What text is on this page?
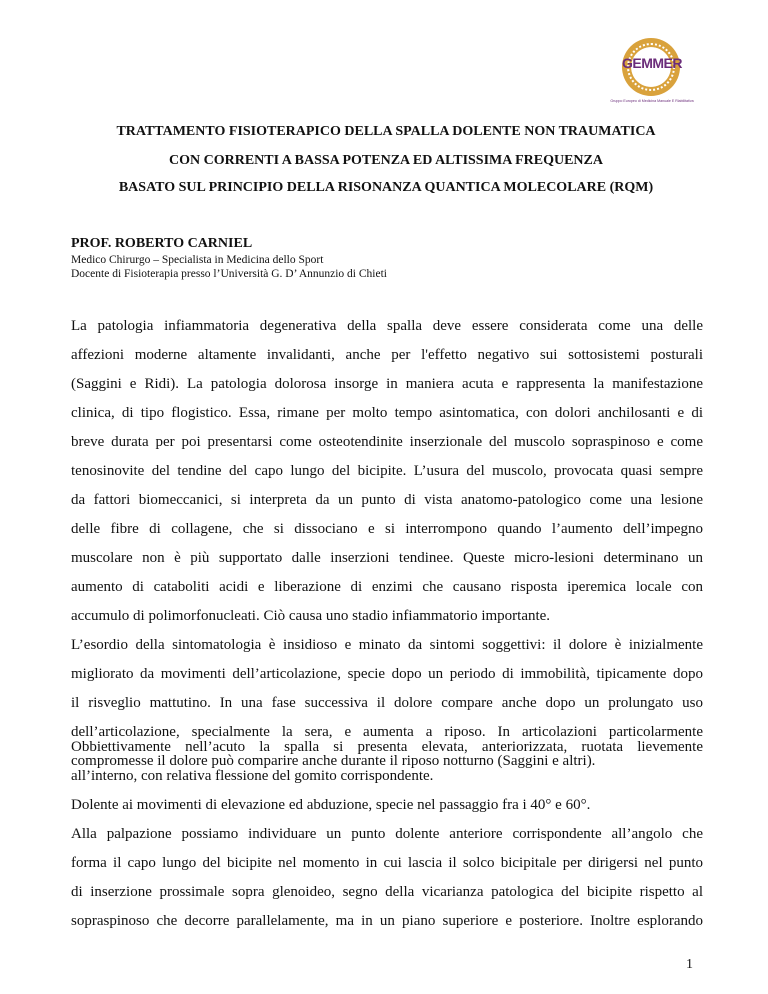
GEMMER
Gruppo Europeo di Medicina Manuale E Riabilitativa
TRATTAMENTO FISIOTERAPICO DELLA SPALLA DOLENTE NON TRAUMATICA
CON CORRENTI A BASSA POTENZA ED ALTISSIMA FREQUENZA
BASATO SUL PRINCIPIO DELLA RISONANZA QUANTICA MOLECOLARE (RQM)
PROF. ROBERTO CARNIEL
Medico Chirurgo – Specialista in Medicina dello Sport
Docente di Fisioterapia presso l’Università G. D’ Annunzio di Chieti
La patologia infiammatoria degenerativa della spalla deve essere considerata come una delle
affezioni moderne altamente invalidanti, anche per l'effetto negativo sui sottosistemi posturali
(Saggini e Ridi). La patologia dolorosa insorge in maniera acuta e rappresenta la manifestazione
clinica, di tipo flogistico. Essa, rimane per molto tempo asintomatica, con dolori anchilosanti e di
breve durata per poi presentarsi come osteotendinite inserzionale del muscolo sopraspinoso e come
tenosinovite del tendine del capo lungo del bicipite. L’usura del muscolo, provocata quasi sempre
da fattori biomeccanici, si interpreta da un punto di vista anatomo-patologico come una lesione
delle fibre di collagene, che si dissociano e si interrompono quando l’aumento dell’impegno
muscolare non è più supportato dalle inserzioni tendinee. Queste micro-lesioni determinano un
aumento di cataboliti acidi e liberazione di enzimi che causano risposta iperemica locale con
accumulo di polimorfonucleati. Ciò causa uno stadio infiammatorio importante.
L’esordio della sintomatologia è insidioso e minato da sintomi soggettivi: il dolore è inizialmente
migliorato da movimenti dell’articolazione, specie dopo un periodo di immobilità, tipicamente dopo
il risveglio mattutino. In una fase successiva il dolore compare anche dopo un prolungato uso
dell’articolazione, specialmente la sera, e aumenta a riposo. In articolazioni particolarmente
compromesse il dolore può comparire anche durante il riposo notturno (Saggini e altri).
Obbiettivamente nell’acuto la spalla si presenta elevata, anteriorizzata, ruotata lievemente
all’interno, con relativa flessione del gomito corrispondente.
Dolente ai movimenti di elevazione ed abduzione, specie nel passaggio fra i 40° e 60°.
Alla palpazione possiamo individuare un punto dolente anteriore corrispondente all’angolo che
forma il capo lungo del bicipite nel momento in cui lascia il solco bicipitale per dirigersi nel punto
di inserzione prossimale sopra glenoideo, segno della vicarianza patologica del bicipite rispetto al
sopraspinoso che decorre parallelamente, ma in un piano superiore e posteriore. Inoltre esplorando
1
